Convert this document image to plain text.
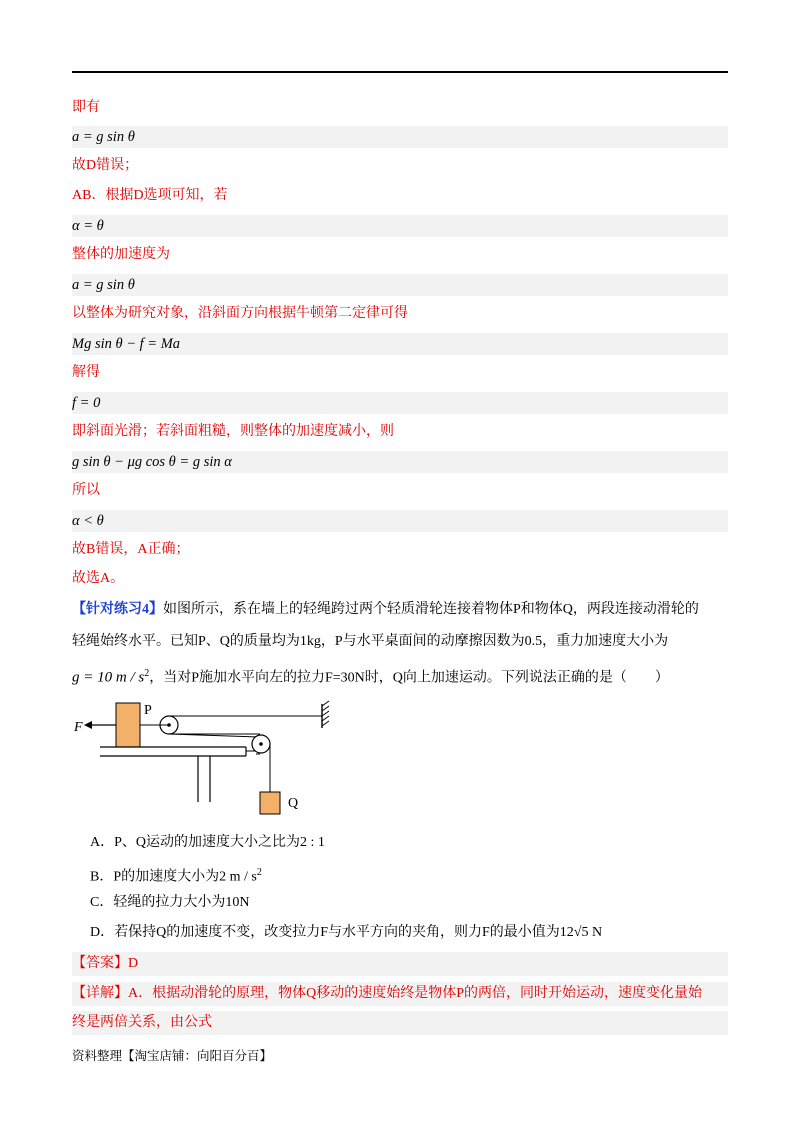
即有
a = g sin θ
故D错误；
AB．根据D选项可知，若
α = θ
整体的加速度为
a = g sin θ
以整体为研究对象，沿斜面方向根据牛顿第二定律可得
Mg sin θ − f = Ma
解得
f = 0
即斜面光滑；若斜面粗糙，则整体的加速度减小，则
g sin θ − μg cos θ = g sin α
所以
α < θ
故B错误，A正确；
故选A。
【针对练习4】如图所示，系在墙上的轻绳跨过两个轻质滑轮连接着物体P和物体Q，两段连接动滑轮的
轻绳始终水平。已知P、Q的质量均为1kg，P与水平桌面间的动摩擦因数为0.5，重力加速度大小为
g = 10 m / $s^2$，当对P施加水平向左的拉力F=30N时，Q向上加速运动。下列说法正确的是（　　）
F
P
Q
A．P、Q运动的加速度大小之比为2 : 1
B．P的加速度大小为2 m / $s^2$
C．轻绳的拉力大小为10N
D．若保持Q的加速度不变，改变拉力F与水平方向的夹角，则力F的最小值为12√5 N
【答案】D
【详解】A．根据动滑轮的原理，物体Q移动的速度始终是物体P的两倍，同时开始运动，速度变化量始
终是两倍关系，由公式
资料整理【淘宝店铺：向阳百分百】
